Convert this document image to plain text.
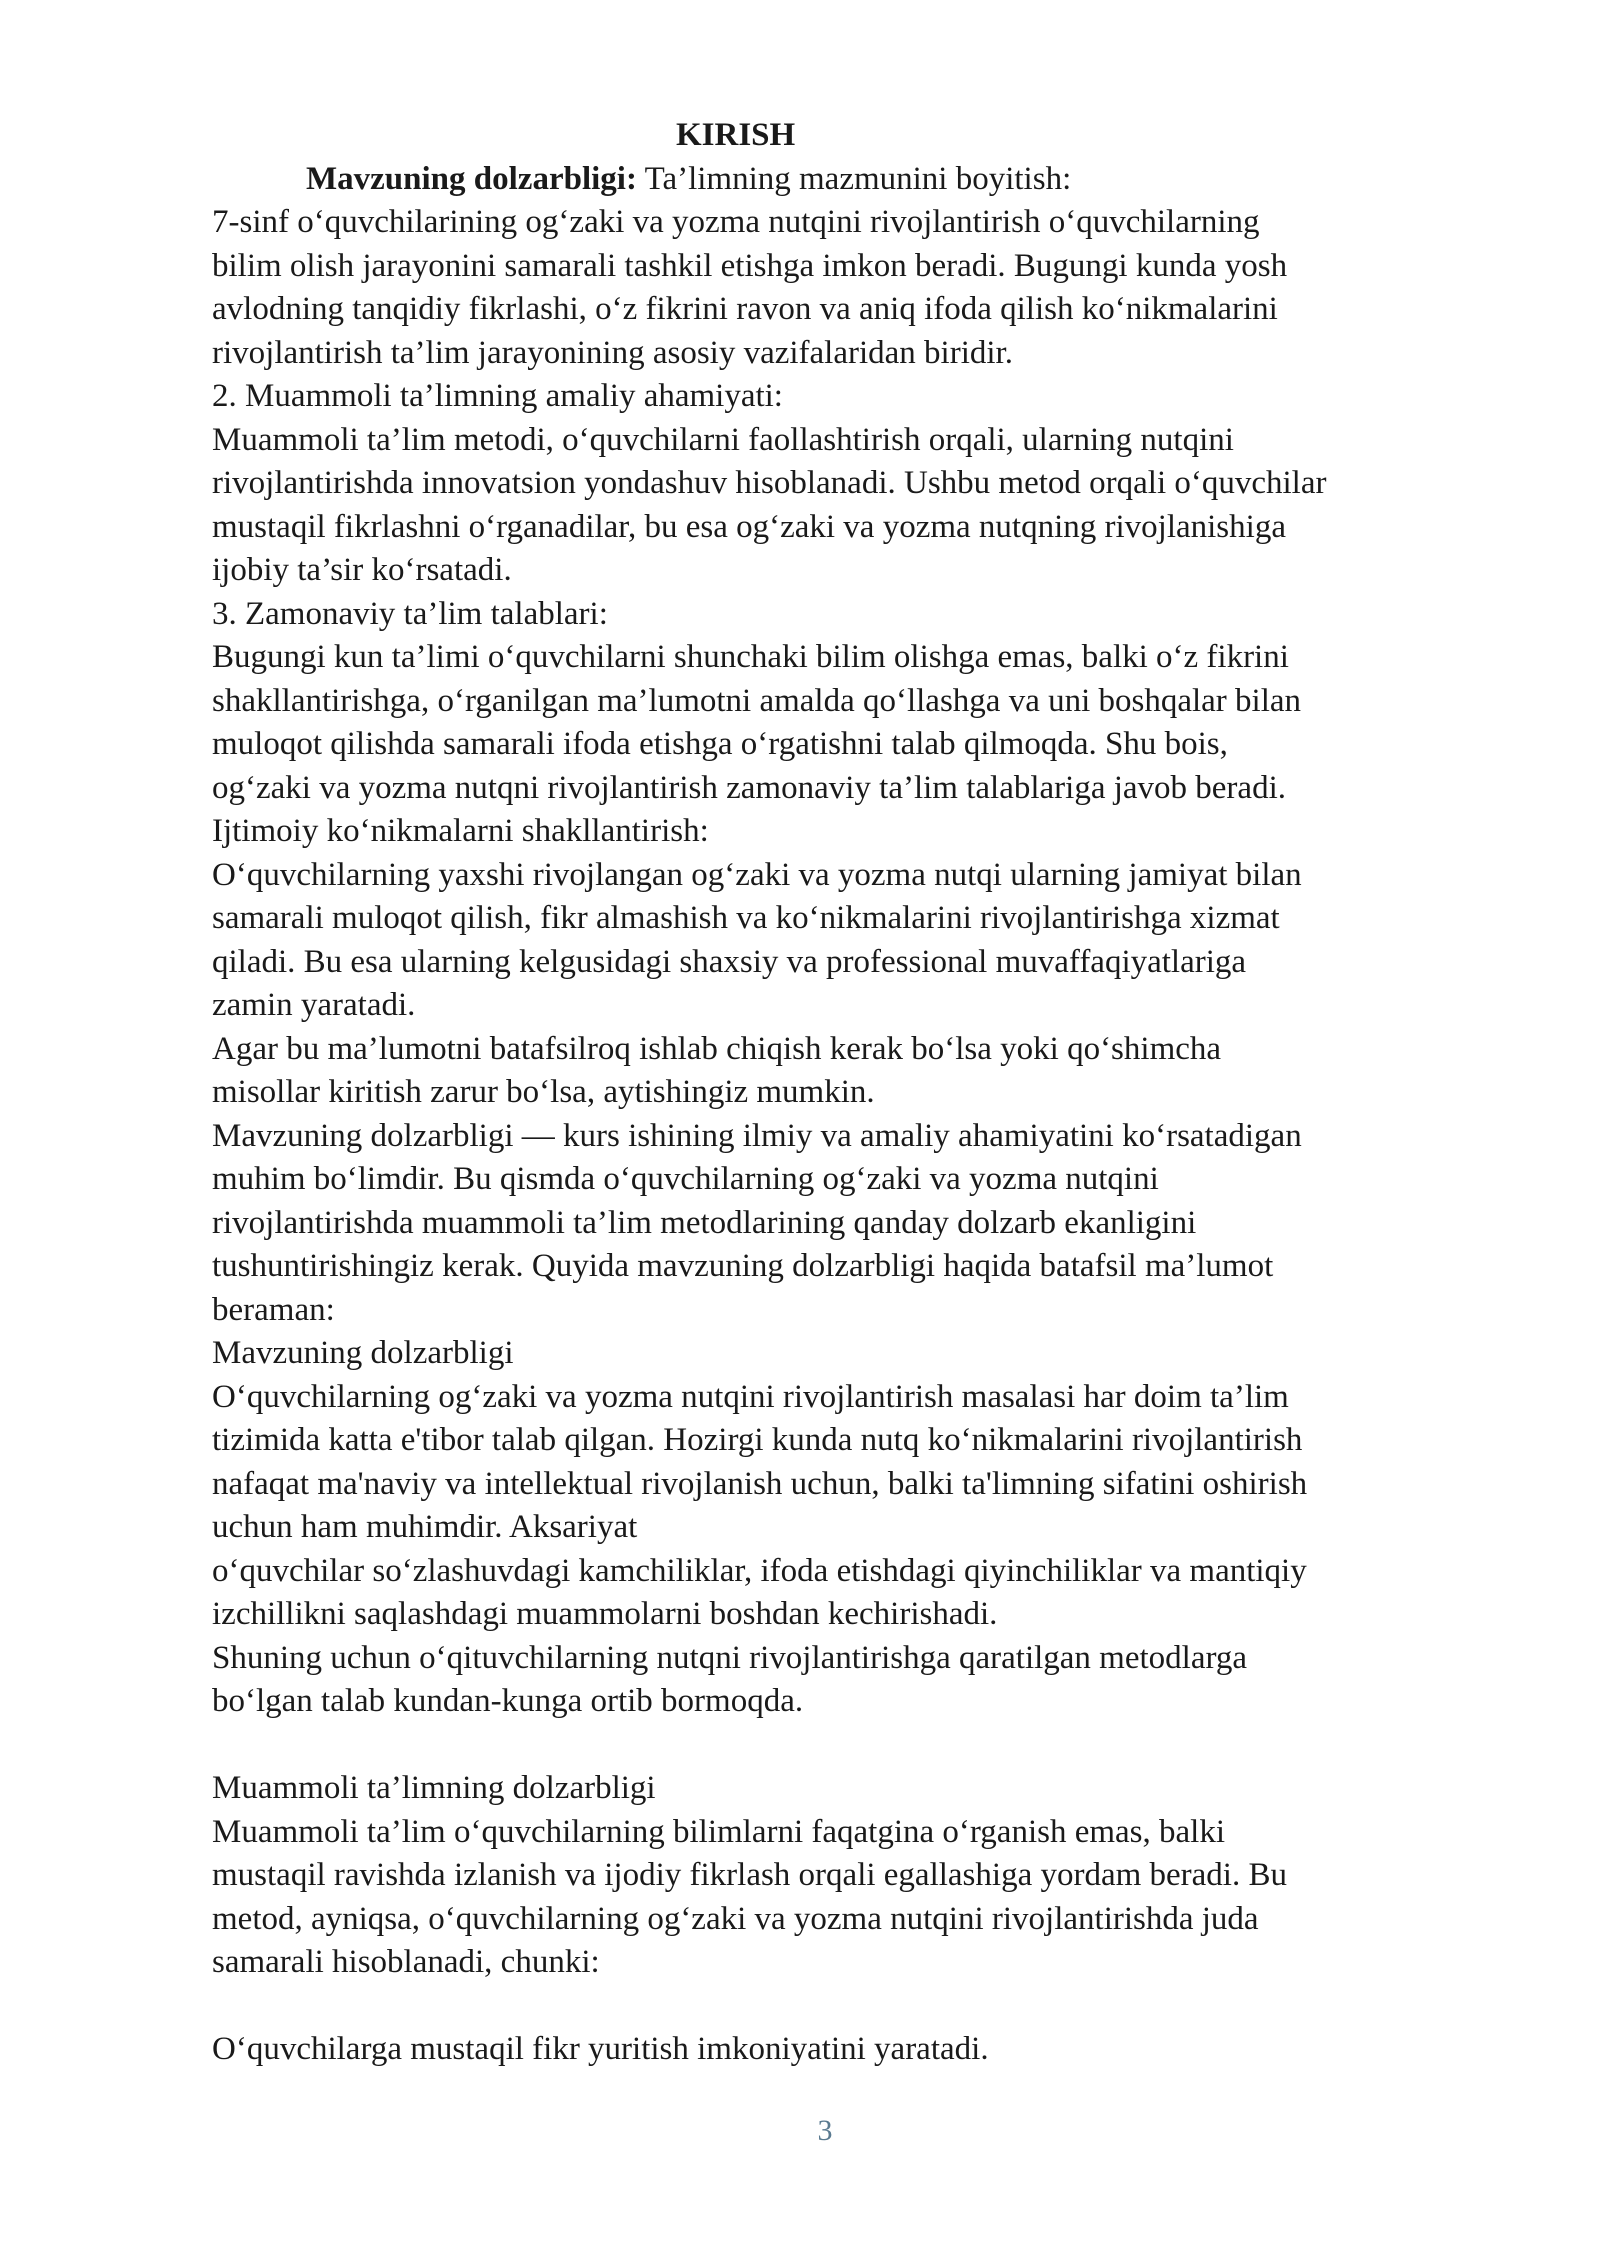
KIRISH
Mavzuning dolzarbligi: Ta’limning mazmunini boyitish:
7-sinf o‘quvchilarining og‘zaki va yozma nutqini rivojlantirish o‘quvchilarning
bilim olish jarayonini samarali tashkil etishga imkon beradi. Bugungi kunda yosh
avlodning tanqidiy fikrlashi, o‘z fikrini ravon va aniq ifoda qilish ko‘nikmalarini
rivojlantirish ta’lim jarayonining asosiy vazifalaridan biridir.
2. Muammoli ta’limning amaliy ahamiyati:
Muammoli ta’lim metodi, o‘quvchilarni faollashtirish orqali, ularning nutqini
rivojlantirishda innovatsion yondashuv hisoblanadi. Ushbu metod orqali o‘quvchilar
mustaqil fikrlashni o‘rganadilar, bu esa og‘zaki va yozma nutqning rivojlanishiga
ijobiy ta’sir ko‘rsatadi.
3. Zamonaviy ta’lim talablari:
Bugungi kun ta’limi o‘quvchilarni shunchaki bilim olishga emas, balki o‘z fikrini
shakllantirishga, o‘rganilgan ma’lumotni amalda qo‘llashga va uni boshqalar bilan
muloqot qilishda samarali ifoda etishga o‘rgatishni talab qilmoqda. Shu bois,
og‘zaki va yozma nutqni rivojlantirish zamonaviy ta’lim talablariga javob beradi.
Ijtimoiy ko‘nikmalarni shakllantirish:
O‘quvchilarning yaxshi rivojlangan og‘zaki va yozma nutqi ularning jamiyat bilan
samarali muloqot qilish, fikr almashish va ko‘nikmalarini rivojlantirishga xizmat
qiladi. Bu esa ularning kelgusidagi shaxsiy va professional muvaffaqiyatlariga
zamin yaratadi.
Agar bu ma’lumotni batafsilroq ishlab chiqish kerak bo‘lsa yoki qo‘shimcha
misollar kiritish zarur bo‘lsa, aytishingiz mumkin.
Mavzuning dolzarbligi — kurs ishining ilmiy va amaliy ahamiyatini ko‘rsatadigan
muhim bo‘limdir. Bu qismda o‘quvchilarning og‘zaki va yozma nutqini
rivojlantirishda muammoli ta’lim metodlarining qanday dolzarb ekanligini
tushuntirishingiz kerak. Quyida mavzuning dolzarbligi haqida batafsil ma’lumot
beraman:
Mavzuning dolzarbligi
O‘quvchilarning og‘zaki va yozma nutqini rivojlantirish masalasi har doim ta’lim
tizimida katta e'tibor talab qilgan. Hozirgi kunda nutq ko‘nikmalarini rivojlantirish
nafaqat ma'naviy va intellektual rivojlanish uchun, balki ta'limning sifatini oshirish
uchun ham muhimdir. Aksariyat
o‘quvchilar so‘zlashuvdagi kamchiliklar, ifoda etishdagi qiyinchiliklar va mantiqiy
izchillikni saqlashdagi muammolarni boshdan kechirishadi.
Shuning uchun o‘qituvchilarning nutqni rivojlantirishga qaratilgan metodlarga
bo‘lgan talab kundan-kunga ortib bormoqda.
Muammoli ta’limning dolzarbligi
Muammoli ta’lim o‘quvchilarning bilimlarni faqatgina o‘rganish emas, balki
mustaqil ravishda izlanish va ijodiy fikrlash orqali egallashiga yordam beradi. Bu
metod, ayniqsa, o‘quvchilarning og‘zaki va yozma nutqini rivojlantirishda juda
samarali hisoblanadi, chunki:
O‘quvchilarga mustaqil fikr yuritish imkoniyatini yaratadi.
3
